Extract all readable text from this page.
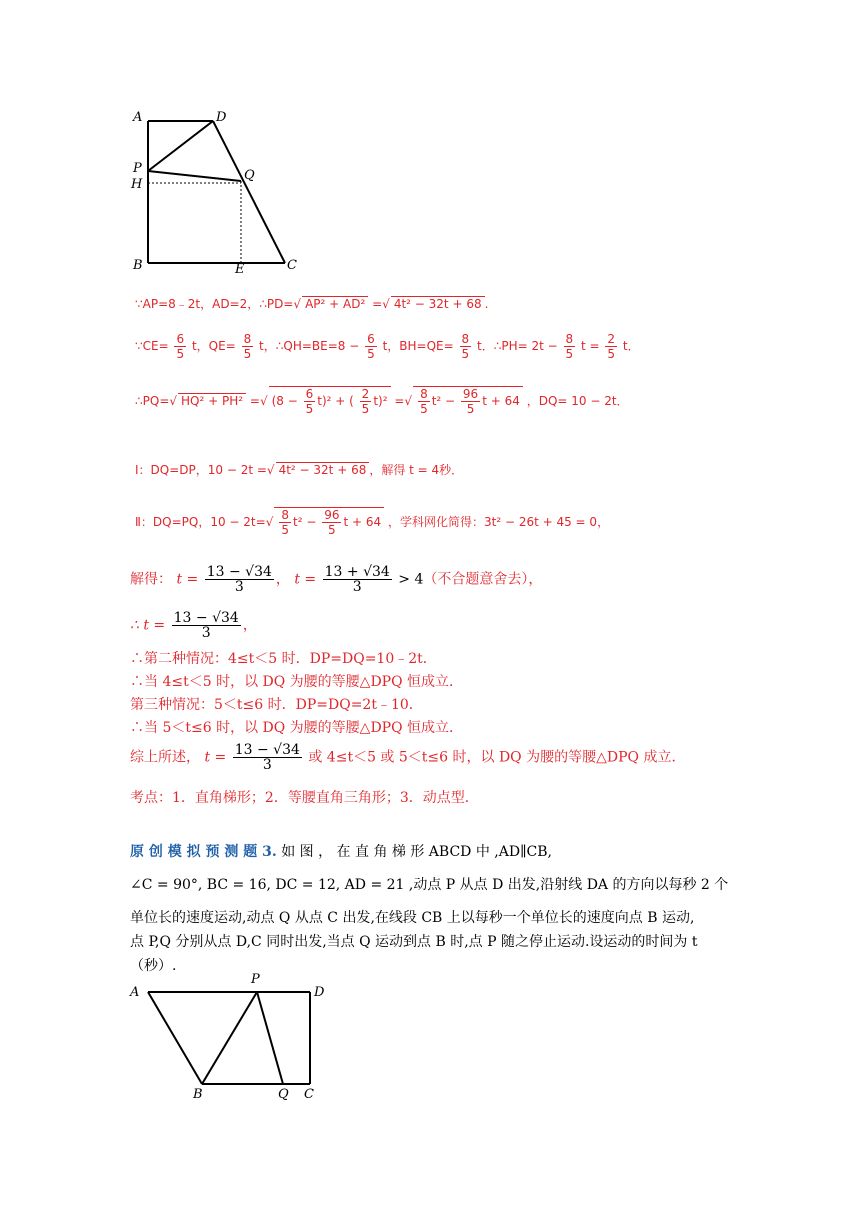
A	D
P
H
Q
B	E	C
∵AP=8﹣2t，AD=2，∴PD=√ AP² + AD² =√ 4t² − 32t + 68 .
∵CE= $\frac{6}{5}$ t，$QE= \frac{8}{5}$ t，∴QH=BE=8 − $\frac{6}{5}$ t，$BH=QE= \frac{8}{5}$ t．∴PH= $2t - \frac{8}{5}$ $t = \frac{2}{5}$ t．
∴PQ=√ HQ² + PH² =√ $(8 - \frac{6}{5} t)^2$ + ( $\frac{2}{5} t)^2$ =√ $\frac{8}{5} t^2 - \frac{96}{5}$ t + 64 ，DQ= 10 − 2t．
Ⅰ：DQ=DP，10 − 2t =√ 4t² − 32t + 68 ，解得 t = 4秒．
Ⅱ：DQ=PQ，$10 - 2t=√ \frac{8}{5} t^2 - \frac{96}{5}$ t + 64 ，学科网化简得：3t² − 26t + 45 = 0，
解得： $t = \frac{13 - √34}{3}$ ， $t = \frac{13 + √34}{3} > 4$（不合题意舍去），
∴ $t = \frac{13 - √34}{3}$ ，
∴第二种情况：4≤t＜5 时．DP=DQ=10﹣2t．
∴当 4≤t＜5 时，以 DQ 为腰的等腰△DPQ 恒成立．
第三种情况：5＜t≤6 时．DP=DQ=2t﹣10．
∴当 5＜t≤6 时，以 DQ 为腰的等腰△DPQ 恒成立．
综上所述， $t = \frac{13 - √34}{3}$ 或 4≤t＜5 或 5＜t≤6 时，以 DQ 为腰的等腰△DPQ 成立．
考点：1．直角梯形；2．等腰直角三角形；3．动点型．
原 创 模 拟 预 测 题 3. 如 图 ， 在 直 角 梯 形 ABCD 中 ,AD∥CB,
∠C = 90°, BC = 16, DC = 12, AD = 21 ,动点 P 从点 D 出发,沿射线 DA 的方向以每秒 2 个
单位长的速度运动,动点 Q 从点 C 出发,在线段 CB 上以每秒一个单位长的速度向点 B 运动,
点 P,Q 分别从点 D,C 同时出发,当点 Q 运动到点 B 时,点 P 随之停止运动.设运动的时间为 t
（秒）.
A
P
D
B	Q C
